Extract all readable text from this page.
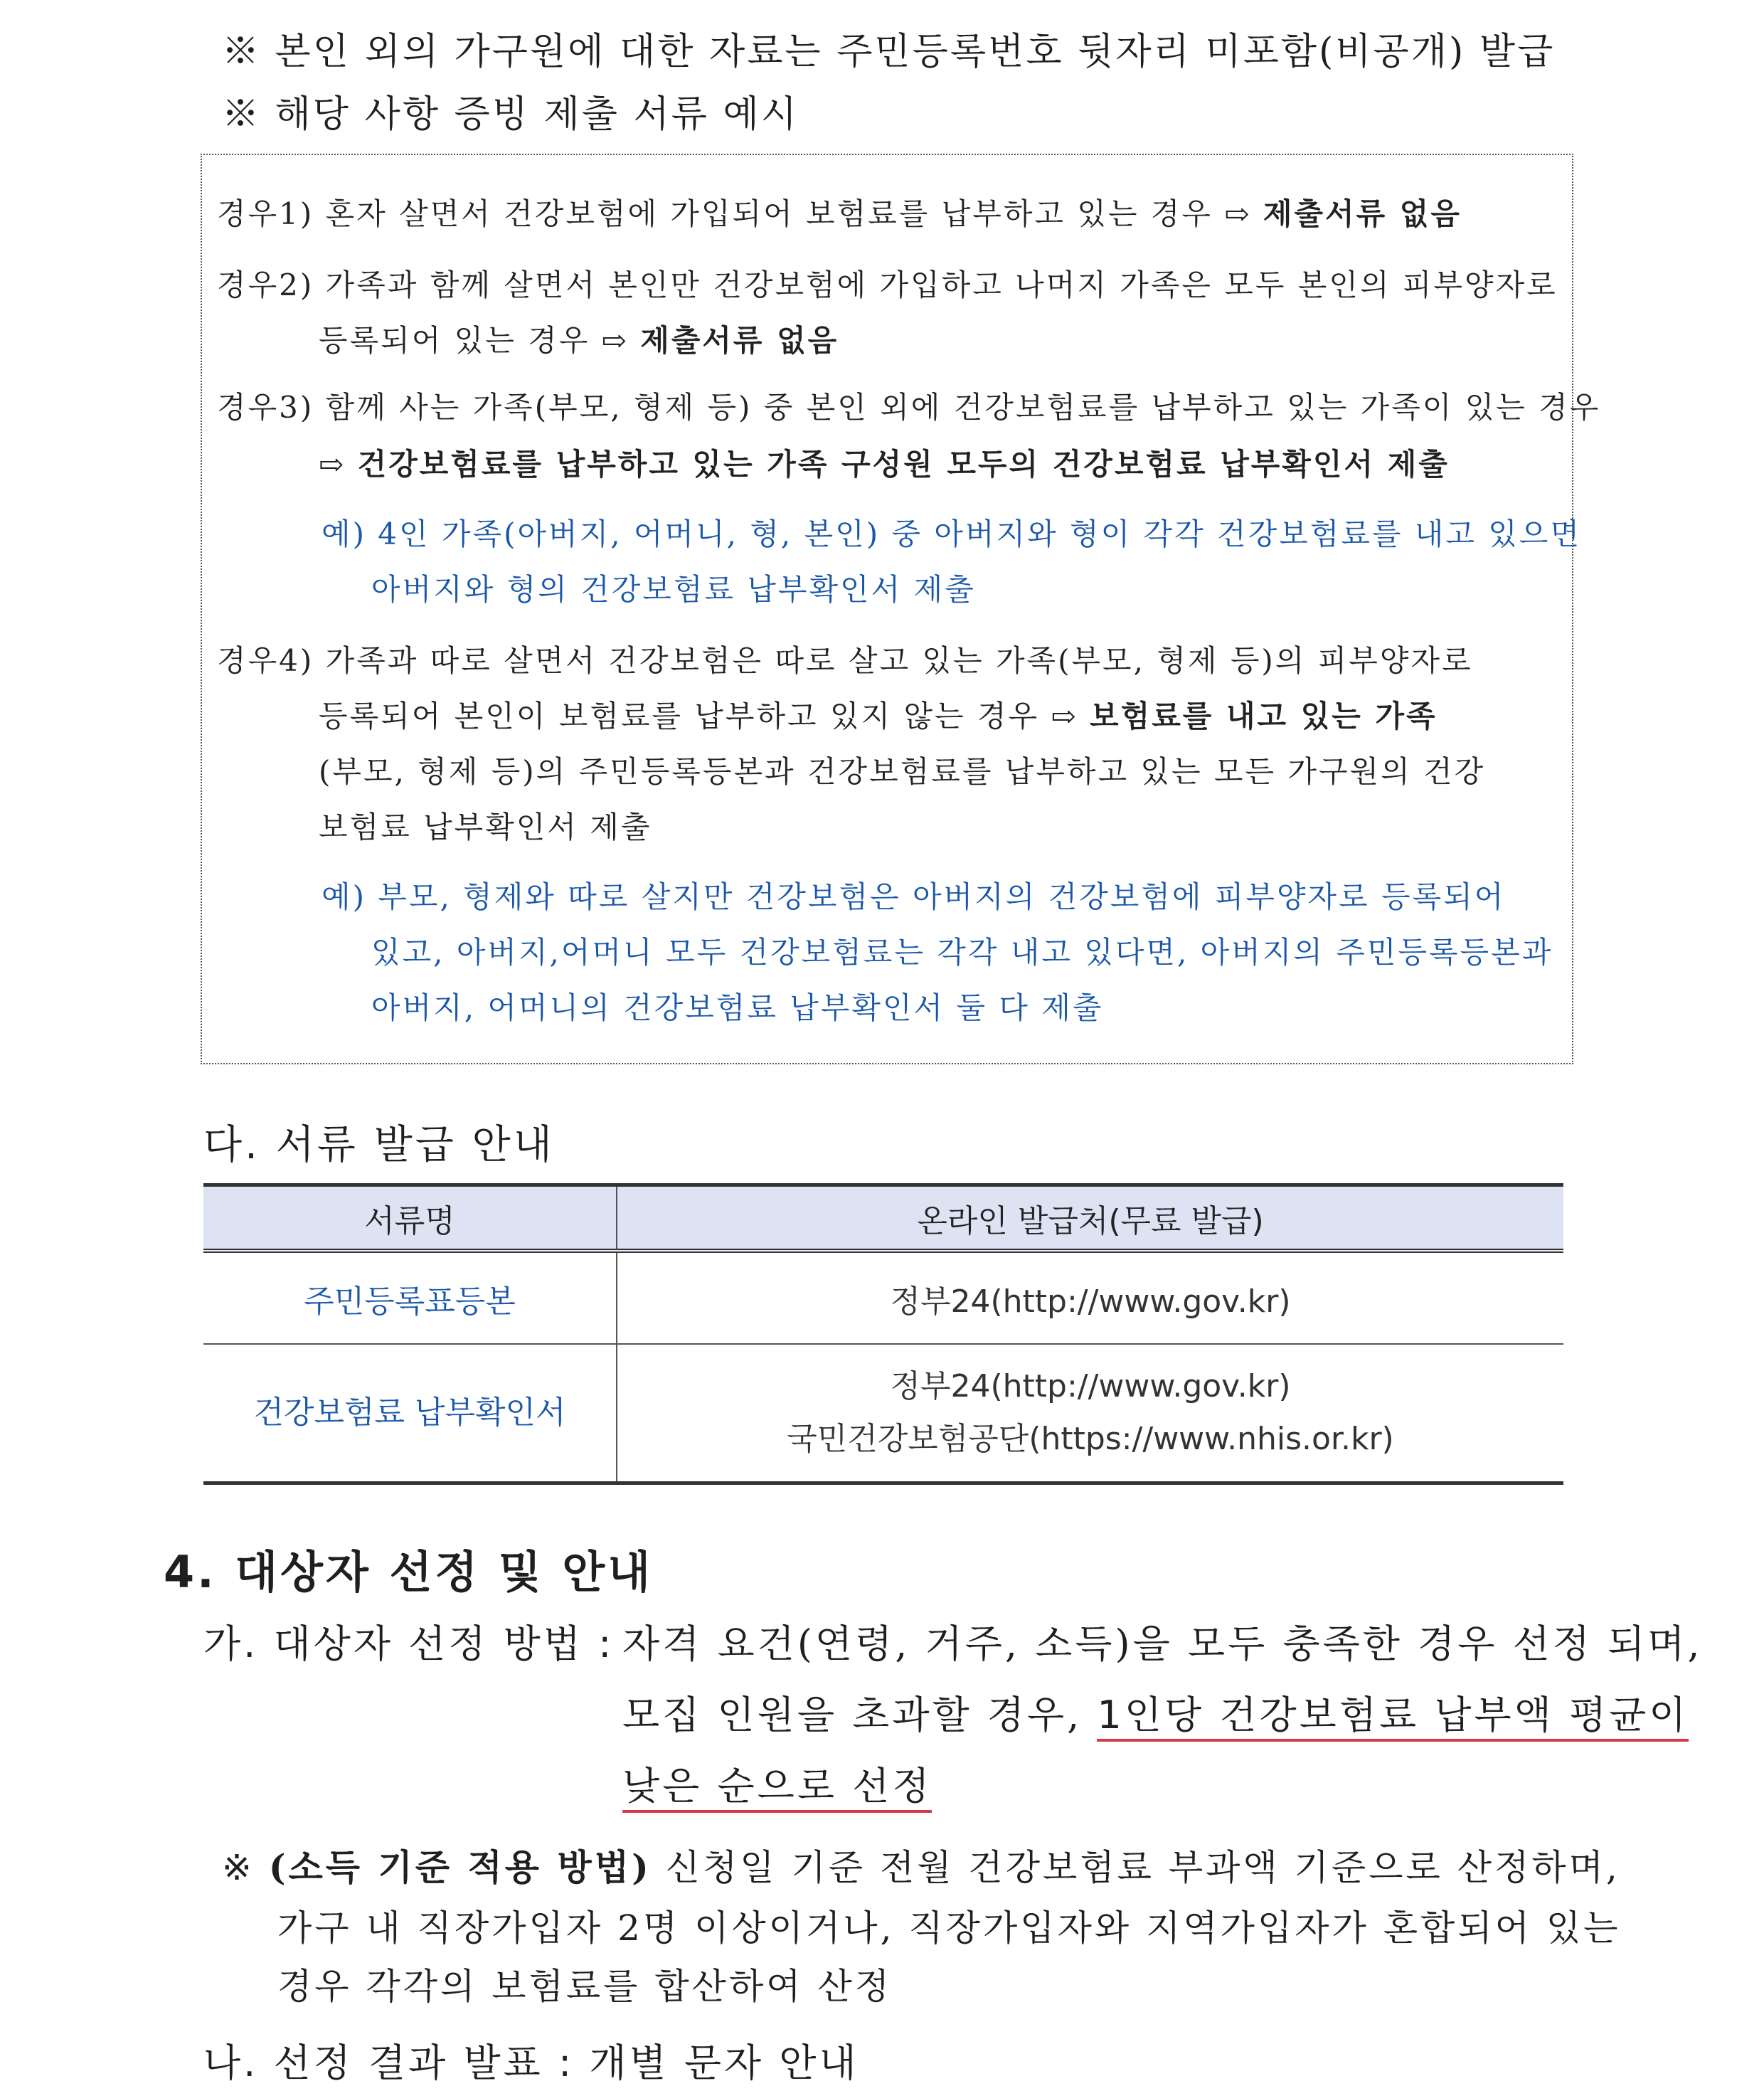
※ 본인 외의 가구원에 대한 자료는 주민등록번호 뒷자리 미포함(비공개) 발급
※ 해당 사항 증빙 제출 서류 예시
경우1) 혼자 살면서 건강보험에 가입되어 보험료를 납부하고 있는 경우 ⇨ 제출서류 없음
경우2) 가족과 함께 살면서 본인만 건강보험에 가입하고 나머지 가족은 모두 본인의 피부양자로
등록되어 있는 경우 ⇨ 제출서류 없음
경우3) 함께 사는 가족(부모, 형제 등) 중 본인 외에 건강보험료를 납부하고 있는 가족이 있는 경우
⇨ 건강보험료를 납부하고 있는 가족 구성원 모두의 건강보험료 납부확인서 제출
예) 4인 가족(아버지, 어머니, 형, 본인) 중 아버지와 형이 각각 건강보험료를 내고 있으면
아버지와 형의 건강보험료 납부확인서 제출
경우4) 가족과 따로 살면서 건강보험은 따로 살고 있는 가족(부모, 형제 등)의 피부양자로
등록되어 본인이 보험료를 납부하고 있지 않는 경우 ⇨ 보험료를 내고 있는 가족
(부모, 형제 등)의 주민등록등본과 건강보험료를 납부하고 있는 모든 가구원의 건강
보험료 납부확인서 제출
예) 부모, 형제와 따로 살지만 건강보험은 아버지의 건강보험에 피부양자로 등록되어
있고, 아버지,어머니 모두 건강보험료는 각각 내고 있다면, 아버지의 주민등록등본과
아버지, 어머니의 건강보험료 납부확인서 둘 다 제출
다. 서류 발급 안내
서류명	온라인 발급처(무료 발급)
주민등록표등본	정부24(http://www.gov.kr)
건강보험료 납부확인서	정부24(http://www.gov.kr)
국민건강보험공단(https://www.nhis.or.kr)
4. 대상자 선정 및 안내
가. 대상자 선정 방법 : 자격 요건(연령, 거주, 소득)을 모두 충족한 경우 선정 되며,
모집 인원을 초과할 경우, 1인당 건강보험료 납부액 평균이
낮은 순으로 선정
※ (소득 기준 적용 방법) 신청일 기준 전월 건강보험료 부과액 기준으로 산정하며,
가구 내 직장가입자 2명 이상이거나, 직장가입자와 지역가입자가 혼합되어 있는
경우 각각의 보험료를 합산하여 산정
나. 선정 결과 발표 : 개별 문자 안내
